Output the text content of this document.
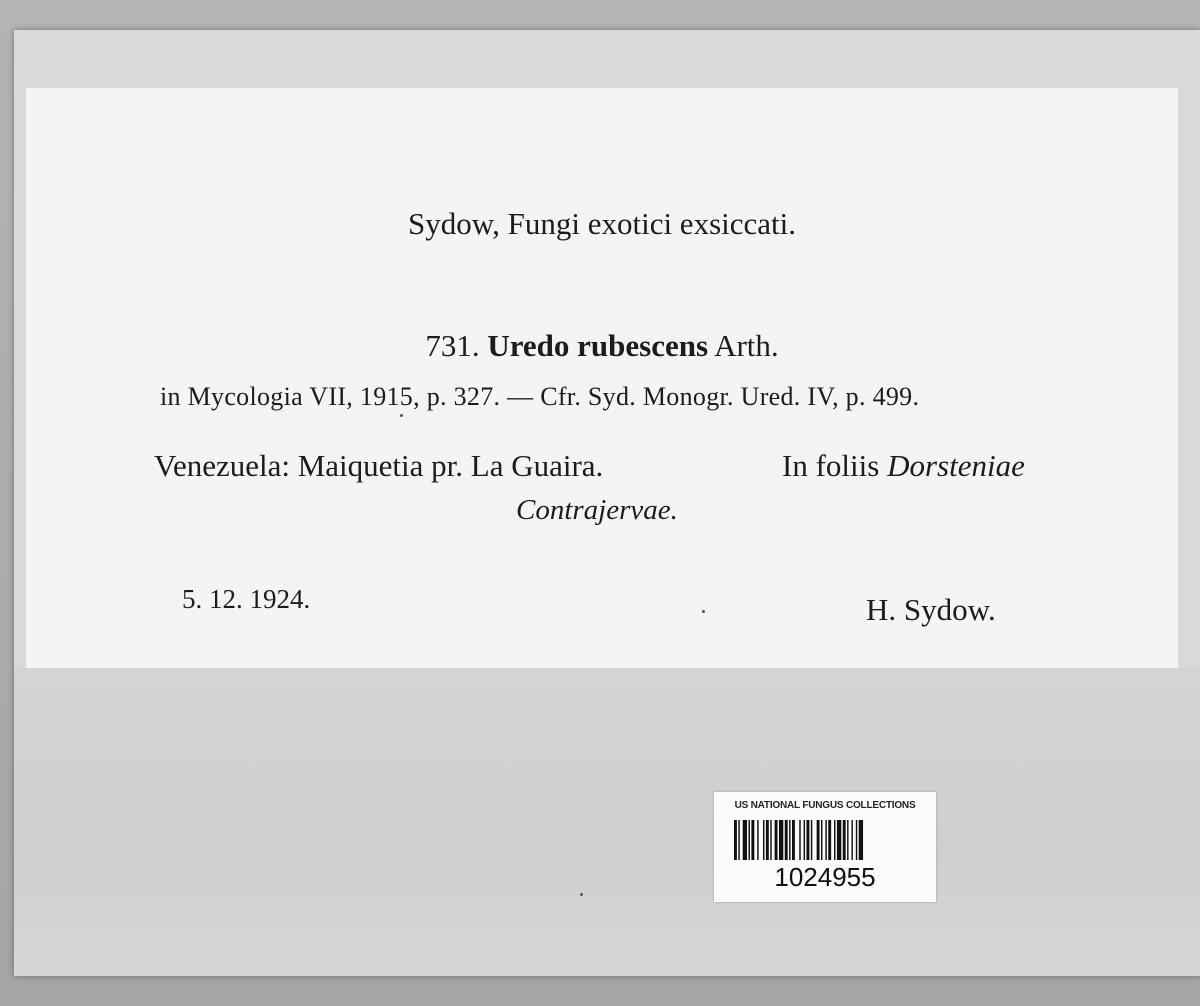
Sydow, Fungi exotici exsiccati.
731. Uredo rubescens Arth.
in Mycologia VII, 1915, p. 327. — Cfr. Syd. Monogr. Ured. IV, p. 499.
Venezuela: Maiquetia pr. La Guaira.	In foliis Dorsteniae
Contrajervae.
5. 12. 1924.	H. Sydow.
US NATIONAL FUNGUS COLLECTIONS
1024955
